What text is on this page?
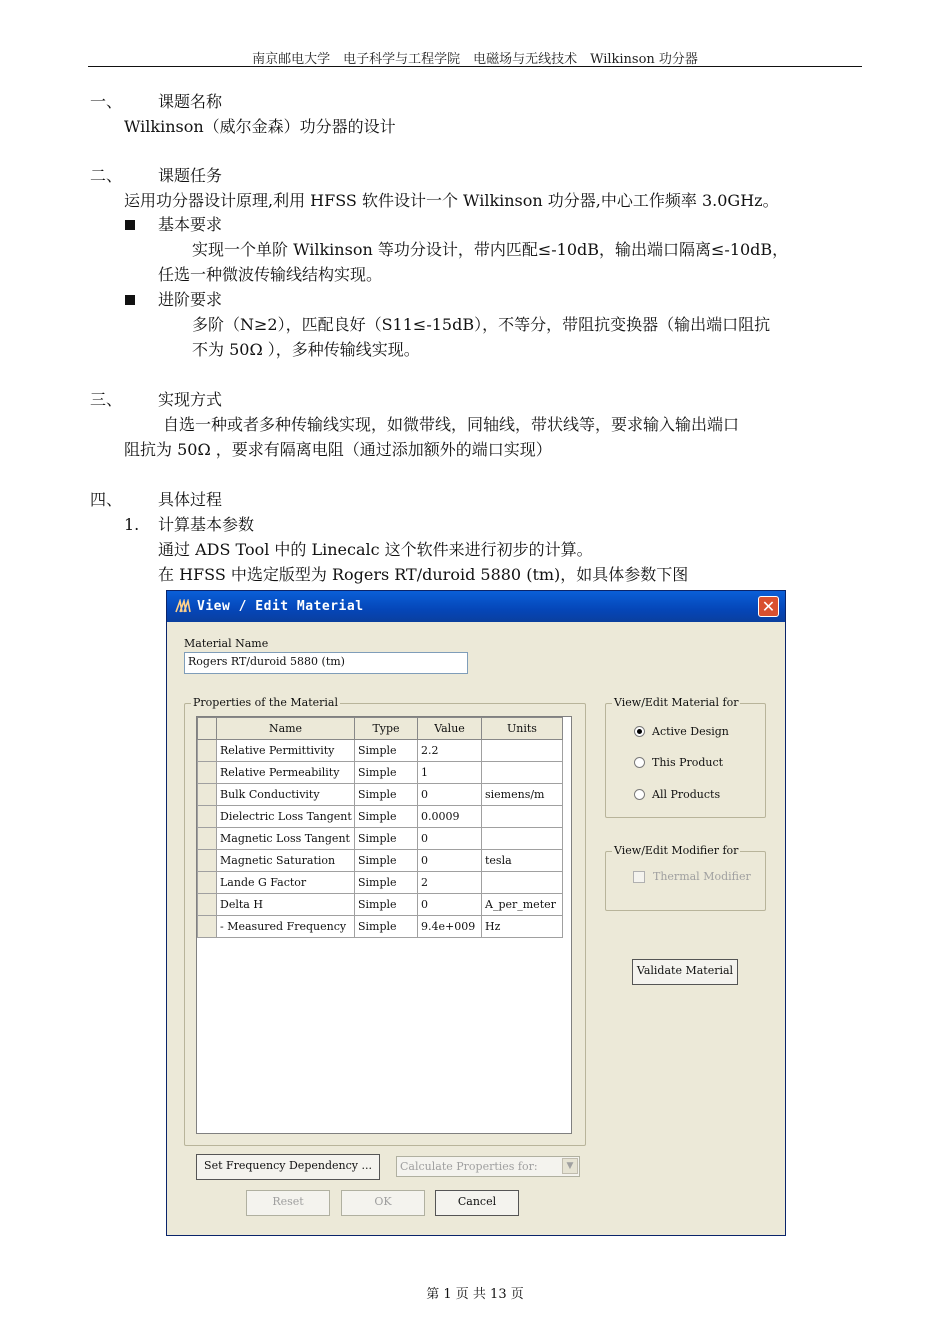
南京邮电大学　电子科学与工程学院　电磁场与无线技术　Wilkinson 功分器
一、 课题名称
Wilkinson（威尔金森）功分器的设计
二、 课题任务
运用功分器设计原理,利用 HFSS 软件设计一个 Wilkinson 功分器,中心工作频率 3.0GHz。
基本要求
实现一个单阶 Wilkinson 等功分设计，带内匹配≤-10dB，输出端口隔离≤-10dB，
任选一种微波传输线结构实现。
进阶要求
多阶（N≥2），匹配良好（S11≤-15dB），不等分，带阻抗变换器（输出端口阻抗
不为 50Ω ），多种传输线实现。
三、 实现方式
自选一种或者多种传输线实现，如微带线，同轴线，带状线等，要求输入输出端口
阻抗为 50Ω ，要求有隔离电阻（通过添加额外的端口实现）
四、 具体过程
1. 计算基本参数
通过 ADS Tool 中的 Linecalc 这个软件来进行初步的计算。
在 HFSS 中选定版型为 Rogers RT/duroid 5880 (tm)，如具体参数下图
View / Edit Material	✕
Material Name
Rogers RT/duroid 5880 (tm)
Properties of the Material
	Name	Type	Value	Units
	Relative Permittivity	Simple	2.2	
	Relative Permeability	Simple	1	
	Bulk Conductivity	Simple	0	siemens/m
	Dielectric Loss Tangent	Simple	0.0009	
	Magnetic Loss Tangent	Simple	0	
	Magnetic Saturation	Simple	0	tesla
	Lande G Factor	Simple	2	
	Delta H	Simple	0	A_per_meter
	- Measured Frequency	Simple	9.4e+009	Hz
View/Edit Material for
Active Design
This Product
All Products
View/Edit Modifier for
Thermal Modifier
Validate Material
Set Frequency Dependency ...	Calculate Properties for:	▼
Reset	OK	Cancel
第 1 页 共 13 页
